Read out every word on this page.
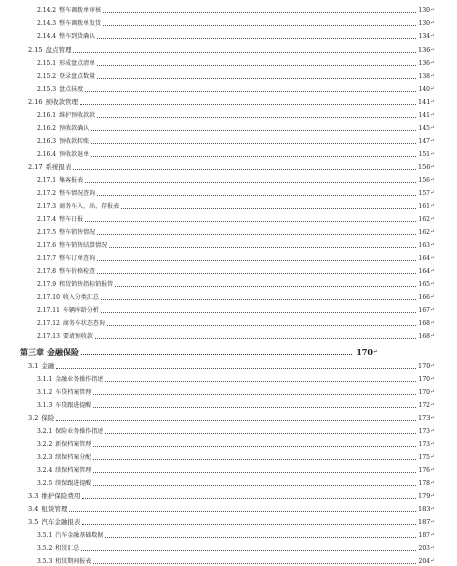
2.14.2 整车调拨单审核	130 ↵
2.14.3 整车调拨单发货	130 ↵
2.14.4 整车到货确认	134 ↵
2.15 盘点管理	136 ↵
2.15.1 形成盘点清单	136 ↵
2.15.2 登录盘点数量	138 ↵
2.15.3 盘点抹度	140 ↵
2.16 预收款管理	141 ↵
2.16.1 维护预收款款	141 ↵
2.16.2 预收款确认	145 ↵
2.16.3 预收款转账	147 ↵
2.16.4 预收款退单	151 ↵
2.17 系统报表	156 ↵
2.17.1 集客报表	156 ↵
2.17.2 整车情况查询	157 ↵
2.17.3 商务车入、出、存报表	161 ↵
2.17.4 整车日报	162 ↵
2.17.5 整车销售情况	162 ↵
2.17.6 整车销售结算情况	163 ↵
2.17.7 整车订单查询	164 ↵
2.17.8 整车价格检查	164 ↵
2.17.9 租赁销售指标销报管	165 ↵
2.17.10 收入分类汇总	166 ↵
2.17.11 车辆库龄分析	167 ↵
2.17.12 商务车状态查询	168 ↵
2.17.13 要请预收款	168 ↵
第三章 金融保险	170 ↵
3.1 金融	170 ↵
3.1.1 金融业务操作指述	170 ↵
3.1.2 车贷档案管理	170 ↵
3.1.3 车贷跟进提醒	172 ↵
3.2 保险	173 ↵
3.2.1 保险业务操作指述	173 ↵
3.2.2 新保档案管理	173 ↵
3.2.3 续保档案分配	175 ↵
3.2.4 续保档案管理	176 ↵
3.2.5 续保跟进提醒	178 ↵
3.3 维护保险费用	179 ↵
3.4 租赁管理	183 ↵
3.5 汽车金融报表	187 ↵
3.5.1 汽车金融基础数据	187 ↵
3.5.2 租赁汇总	203 ↵
3.5.3 租赁期间报表	204 ↵
